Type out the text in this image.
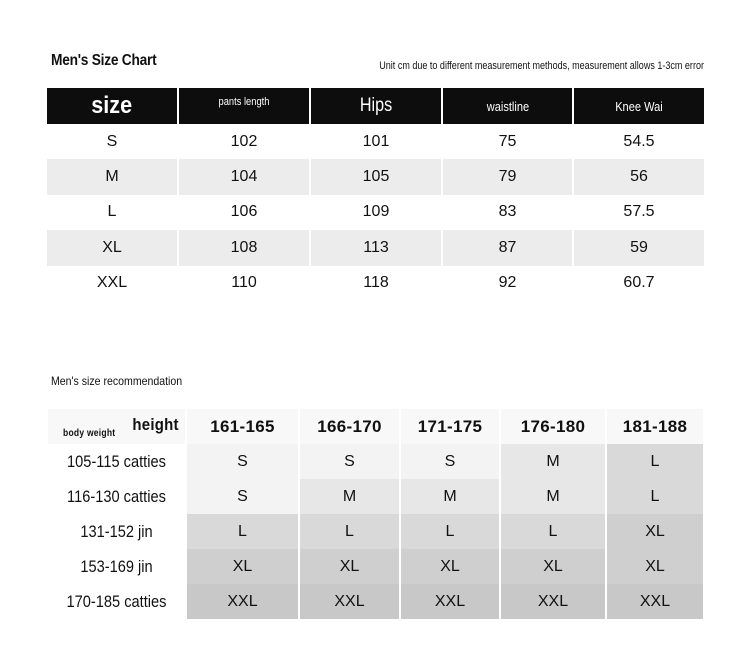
Men's Size Chart	Unit cm due to different measurement methods, measurement allows 1-3cm error
size	pants length	Hips	waistline	Knee Wai
S	102	101	75	54.5
M	104	105	79	56
L	106	109	83	57.5
XL	108	113	87	59
XXL	110	118	92	60.7
Men's size recommendation
height
body weight	161-165	166-170	171-175	176-180	181-188
105-115 catties	S	S	S	M	L
116-130 catties	S	M	M	M	L
131-152 jin	L	L	L	L	XL
153-169 jin	XL	XL	XL	XL	XL
170-185 catties	XXL	XXL	XXL	XXL	XXL
